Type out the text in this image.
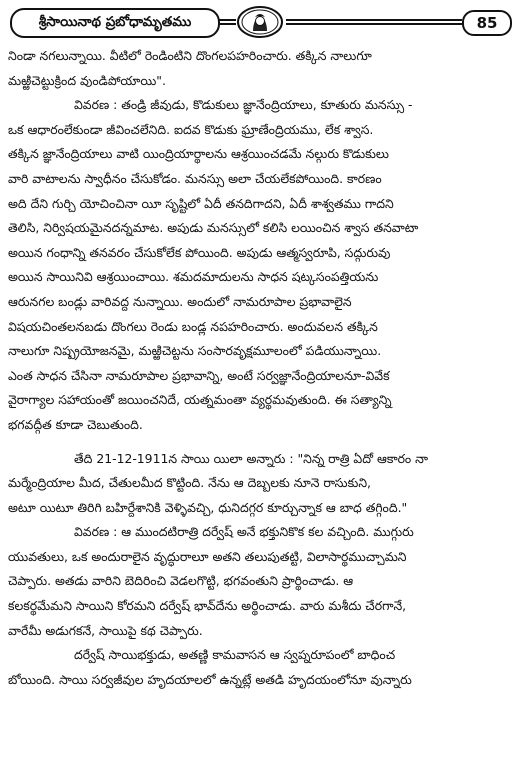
శ్రీసాయినాథ ప్రబోధామృతము	85
నిండా నగలున్నాయి. వీటిలో రెండింటిని దొంగలపహరించారు. తక్కిన నాలుగూ
మఱ్ఱిచెట్టుక్రింద వుండిపోయాయి".
వివరణ : తండ్రి జీవుడు, కొడుకులు జ్ఞానేంద్రియాలు, కూతురు మనస్సు -
ఒక ఆధారంలేకుండా జీవించలేనిది. ఐదవ కొడుకు ఘ్రాణేంద్రియము, లేక శ్వాస.
తక్కిన జ్ఞానేంద్రియాలు వాటి యింద్రియార్థాలను ఆశ్రయించడమే నల్గురు కొడుకులు
వారి వాటాలను స్వాధీనం చేసుకోడం. మనస్సు అలా చేయలేకపోయింది. కారణం
అది దేని గుర్చి యోచించినా యీ సృష్టిలో ఏదీ తనదిగాదని, ఏదీ శాశ్వతము గాదని
తెలిసి, నిర్విషయమైనదన్నమాట. అపుడు మనస్సులో కలిసి లయించిన శ్వాస తనవాటా
అయిన గంధాన్ని తనవరం చేసుకోలేక పోయింది. అపుడు ఆత్మస్వరూపి, సద్గురువు
అయిన సాయినివి ఆశ్రయించాయి. శమదమాదులను సాధన షట్కసంపత్తియను
ఆరునగల బండ్లు వారివద్ద నున్నాయి. అందులో నామరూపాల ప్రభావాలైన
విషయచింతలనబడు దొంగలు రెండు బండ్ల నపహరించారు. అందువలన తక్కిన
నాలుగూ నిష్ప్రయోజనమై, మఱ్ఱిచెట్టను సంసారవృక్షమూలంలో పడియున్నాయి.
ఎంత సాధన చేసినా నామరూపాల ప్రభావాన్ని, అంటే సర్వజ్ఞానేంద్రియాలనూ-వివేక
వైరాగ్యాల సహాయంతో జయించనిదే, యత్నమంతా వ్యర్థమవుతుంది. ఈ సత్యాన్ని
భగవద్గీత కూడా చెబుతుంది.
తేది 21-12-1911న సాయి యిలా అన్నారు : "నిన్న రాత్రి ఏదో ఆకారం నా
మర్మేంద్రియాల మీద, చేతులమీద కొట్టింది. నేను ఆ దెబ్బలకు నూనె రాసుకుని,
అటూ యిటూ తిరిగి బహిర్దేశానికి వెళ్ళివచ్చి, ధునిదగ్గర కూర్చున్నాక ఆ బాధ తగ్గింది."
వివరణ : ఆ ముందటిరాత్రి దర్వేష్ అనే భక్తునికొక కల వచ్చింది. ముగ్గురు
యువతులు, ఒక అందురాలైన వృద్ధురాలూ అతని తలుపుతట్టి, విలాసార్థముచ్చామని
చెప్పారు. అతడు వారిని బెదిరించి వెడలగొట్టి, భగవంతుని ప్రార్థించాడు. ఆ
కలకర్థమేమని సాయిని కోరమని దర్వేష్ భావ్‌దేను అర్థించాడు. వారు మశీదు చేరగానే,
వారేమీ అడుగకనే, సాయిపై కథ చెప్పారు.
దర్వేష్ సాయిభక్తుడు, అతణ్ణి కామవాసన ఆ స్వప్నరూపంలో బాధించ
బోయింది. సాయి సర్వజీవుల హృదయాలలో ఉన్నట్లే అతడి హృదయంలోనూ వున్నారు
